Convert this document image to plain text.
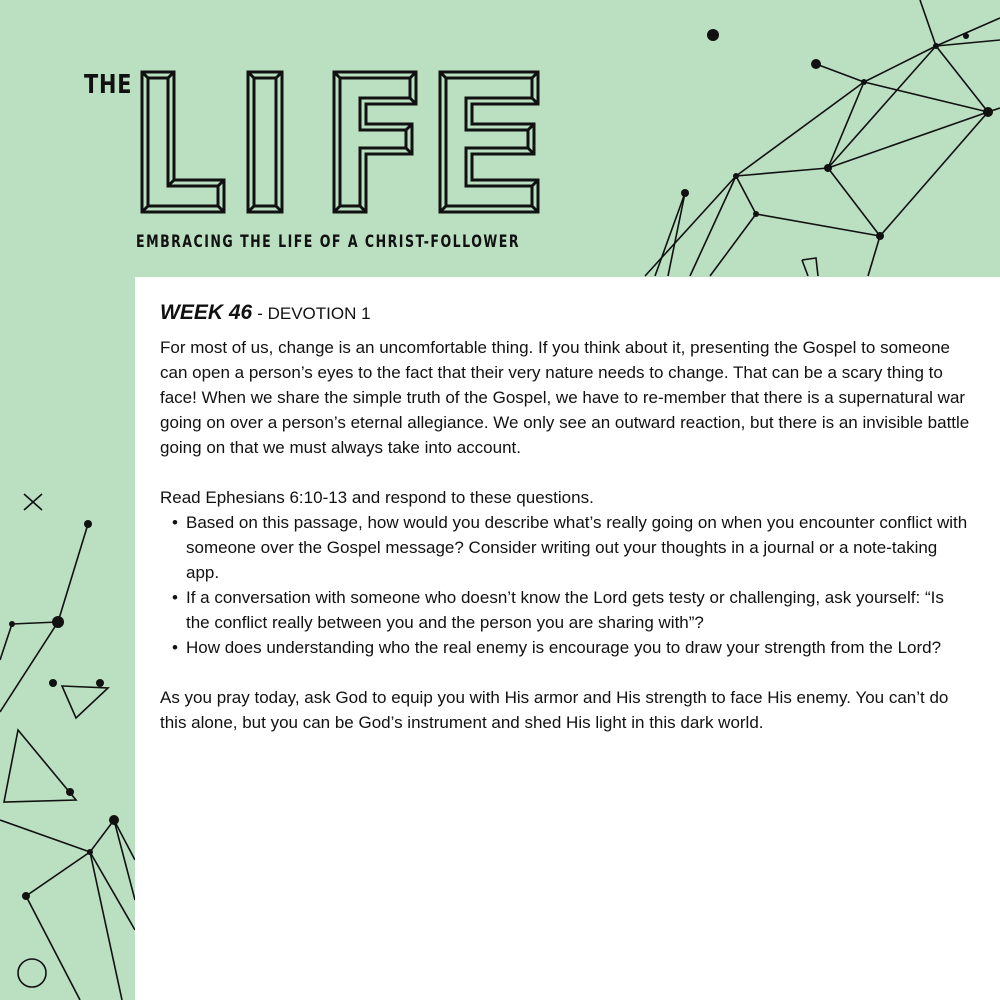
THE
EMBRACING THE LIFE OF A CHRIST-FOLLOWER
WEEK 46 - DEVOTION 1

For most of us, change is an uncomfortable thing. If you think about it, presenting the Gospel to someone can open a person’s eyes to the fact that their very nature needs to change. That can be a scary thing to face! When we share the simple truth of the Gospel, we have to re-member that there is a supernatural war going on over a person’s eternal allegiance. We only see an outward reaction, but there is an invisible battle going on that we must always take into account.

Read Ephesians 6:10-13 and respond to these questions.

• Based on this passage, how would you describe what’s really going on when you encounter conflict with someone over the Gospel message? Consider writing out your thoughts in a journal or a note-taking app.
• If a conversation with someone who doesn’t know the Lord gets testy or challenging, ask yourself: “Is the conflict really between you and the person you are sharing with”?
• How does understanding who the real enemy is encourage you to draw your strength from the Lord?

As you pray today, ask God to equip you with His armor and His strength to face His enemy. You can’t do this alone, but you can be God’s instrument and shed His light in this dark world.
